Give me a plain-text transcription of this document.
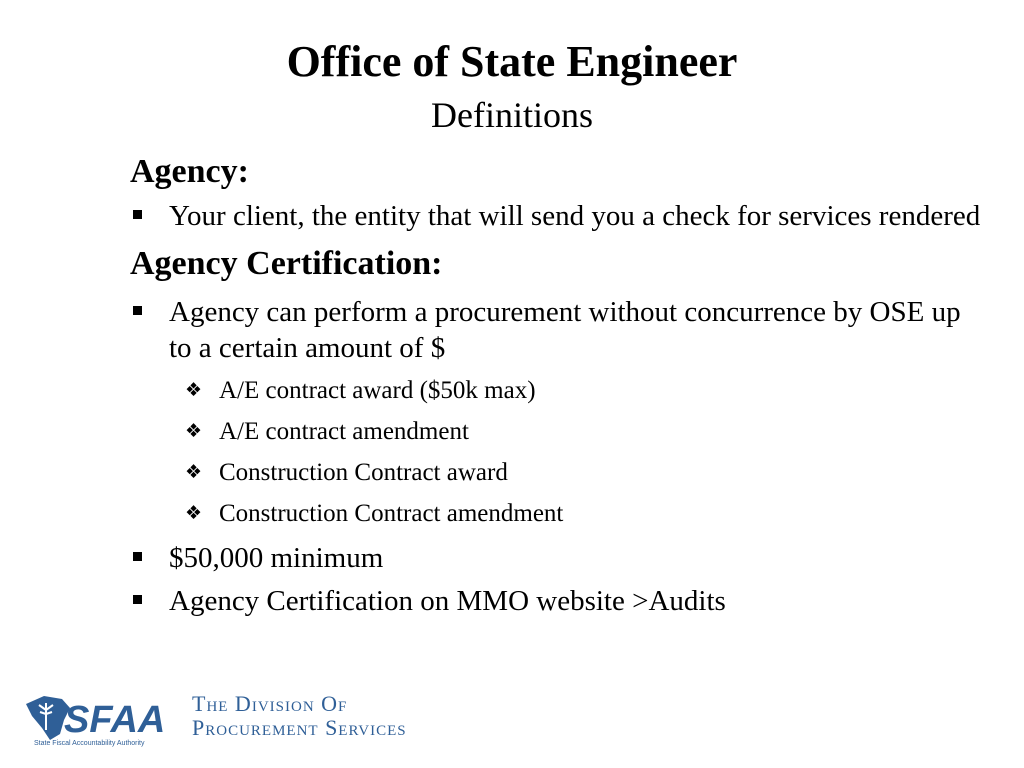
Office of State Engineer
Definitions
Agency:
Your client, the entity that will send you a check for services rendered
Agency Certification:
Agency can perform a procurement without concurrence by OSE up to a certain amount of $
❖ A/E contract award ($50k max)
❖ A/E contract amendment
❖ Construction Contract award
❖ Construction Contract amendment
$50,000 minimum
Agency Certification on MMO website >Audits
SFAA
State Fiscal Accountability Authority
The Division Of
Procurement Services
